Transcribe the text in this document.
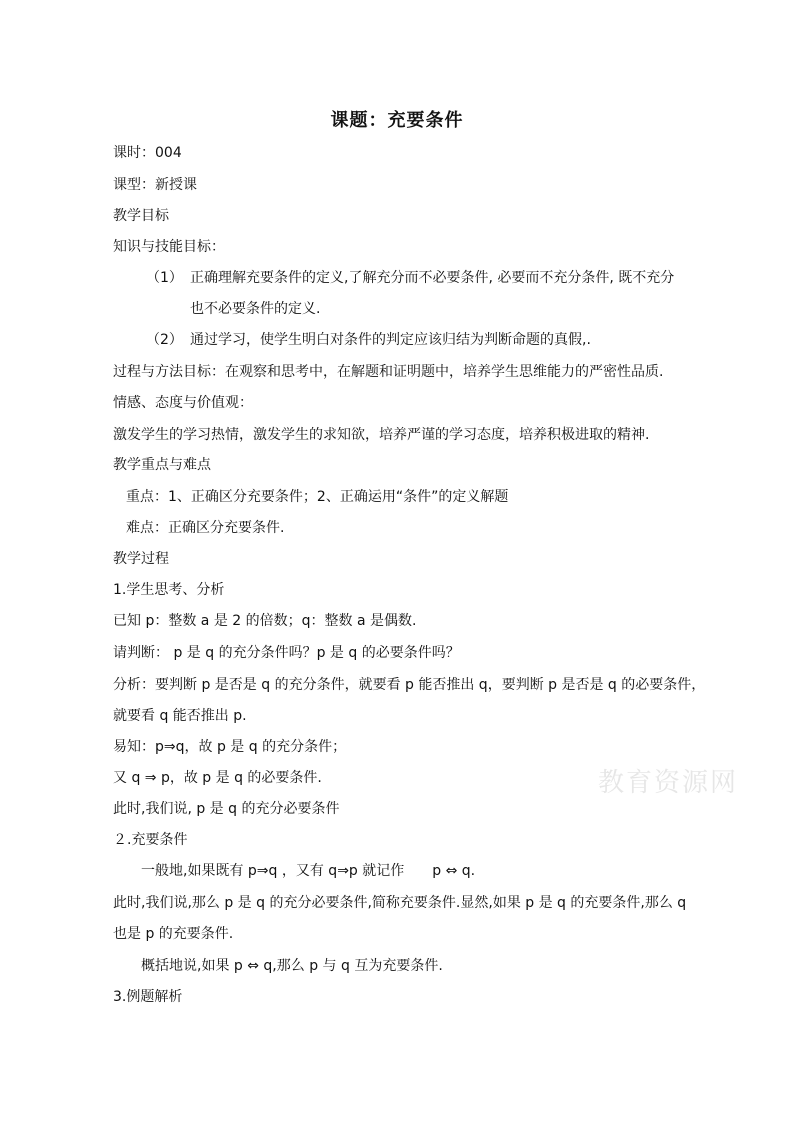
课题：充要条件
课时：004
课型：新授课
教学目标
知识与技能目标：
（1） 正确理解充要条件的定义,了解充分而不必要条件, 必要而不充分条件, 既不充分
也不必要条件的定义.
（2） 通过学习，使学生明白对条件的判定应该归结为判断命题的真假,.
过程与方法目标：在观察和思考中，在解题和证明题中，培养学生思维能力的严密性品质.
情感、态度与价值观：
激发学生的学习热情，激发学生的求知欲，培养严谨的学习态度，培养积极进取的精神.
教学重点与难点
重点：1、正确区分充要条件；2、正确运用“条件”的定义解题
难点：正确区分充要条件.
教学过程
1.学生思考、分析
已知 p：整数 a 是 2 的倍数；q：整数 a 是偶数.
请判断： p 是 q 的充分条件吗？p 是 q 的必要条件吗？
分析：要判断 p 是否是 q 的充分条件，就要看 p 能否推出 q，要判断 p 是否是 q 的必要条件，
就要看 q 能否推出 p.
易知：p⇒q，故 p 是 q 的充分条件；
又 q ⇒ p，故 p 是 q 的必要条件.
此时,我们说, p 是 q 的充分必要条件
２.充要条件
一般地,如果既有 p⇒q ，又有 q⇒p 就记作　　p ⇔ q.
此时,我们说,那么 p 是 q 的充分必要条件,简称充要条件.显然,如果 p 是 q 的充要条件,那么 q
也是 p 的充要条件.
概括地说,如果 p ⇔ q,那么 p 与 q 互为充要条件.
3.例题解析
教育资源网
